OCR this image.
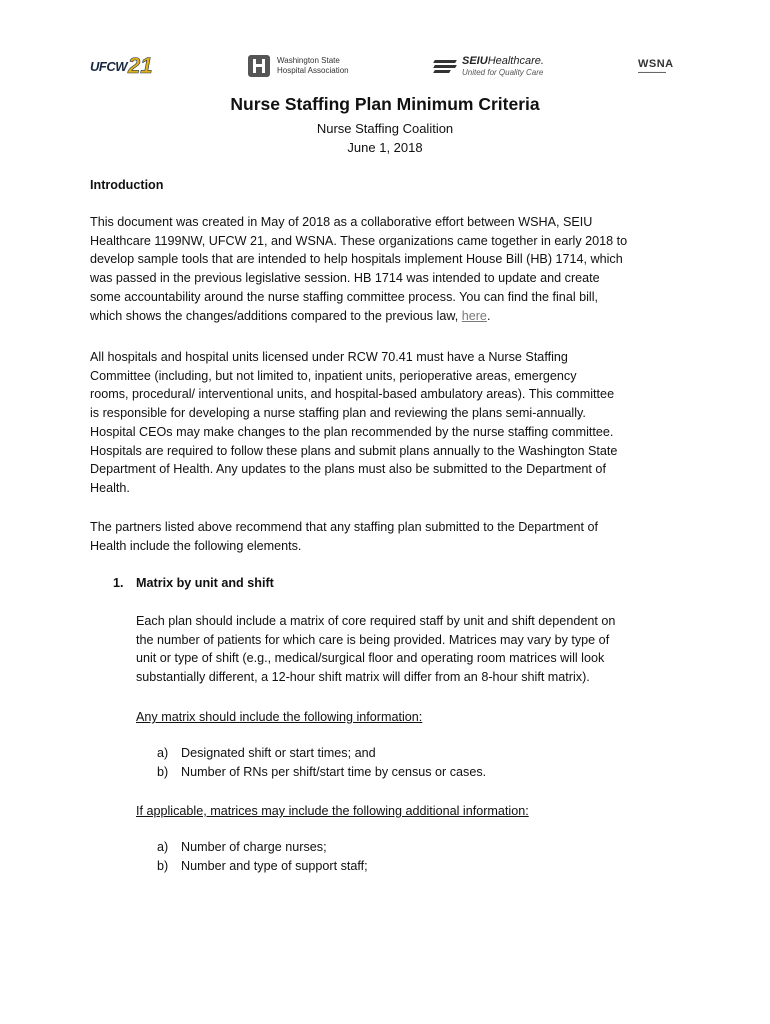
UFCW 21	Washington State
Hospital Association
SEIUHealthcare.
United for Quality Care
WSNA
▬▬▬▬▬▬▬▬
Nurse Staffing Plan Minimum Criteria
Nurse Staffing Coalition
June 1, 2018
Introduction
This document was created in May of 2018 as a collaborative effort between WSHA, SEIU
Healthcare 1199NW, UFCW 21, and WSNA. These organizations came together in early 2018 to
develop sample tools that are intended to help hospitals implement House Bill (HB) 1714, which
was passed in the previous legislative session. HB 1714 was intended to update and create
some accountability around the nurse staffing committee process. You can find the final bill,
which shows the changes/additions compared to the previous law, here.
All hospitals and hospital units licensed under RCW 70.41 must have a Nurse Staffing
Committee (including, but not limited to, inpatient units, perioperative areas, emergency
rooms, procedural/ interventional units, and hospital-based ambulatory areas). This committee
is responsible for developing a nurse staffing plan and reviewing the plans semi-annually.
Hospital CEOs may make changes to the plan recommended by the nurse staffing committee.
Hospitals are required to follow these plans and submit plans annually to the Washington State
Department of Health. Any updates to the plans must also be submitted to the Department of
Health.
The partners listed above recommend that any staffing plan submitted to the Department of
Health include the following elements.
1. Matrix by unit and shift
Each plan should include a matrix of core required staff by unit and shift dependent on
the number of patients for which care is being provided. Matrices may vary by type of
unit or type of shift (e.g., medical/surgical floor and operating room matrices will look
substantially different, a 12-hour shift matrix will differ from an 8-hour shift matrix).
Any matrix should include the following information:
a) Designated shift or start times; and
b) Number of RNs per shift/start time by census or cases.
If applicable, matrices may include the following additional information:
a) Number of charge nurses;
b) Number and type of support staff;
